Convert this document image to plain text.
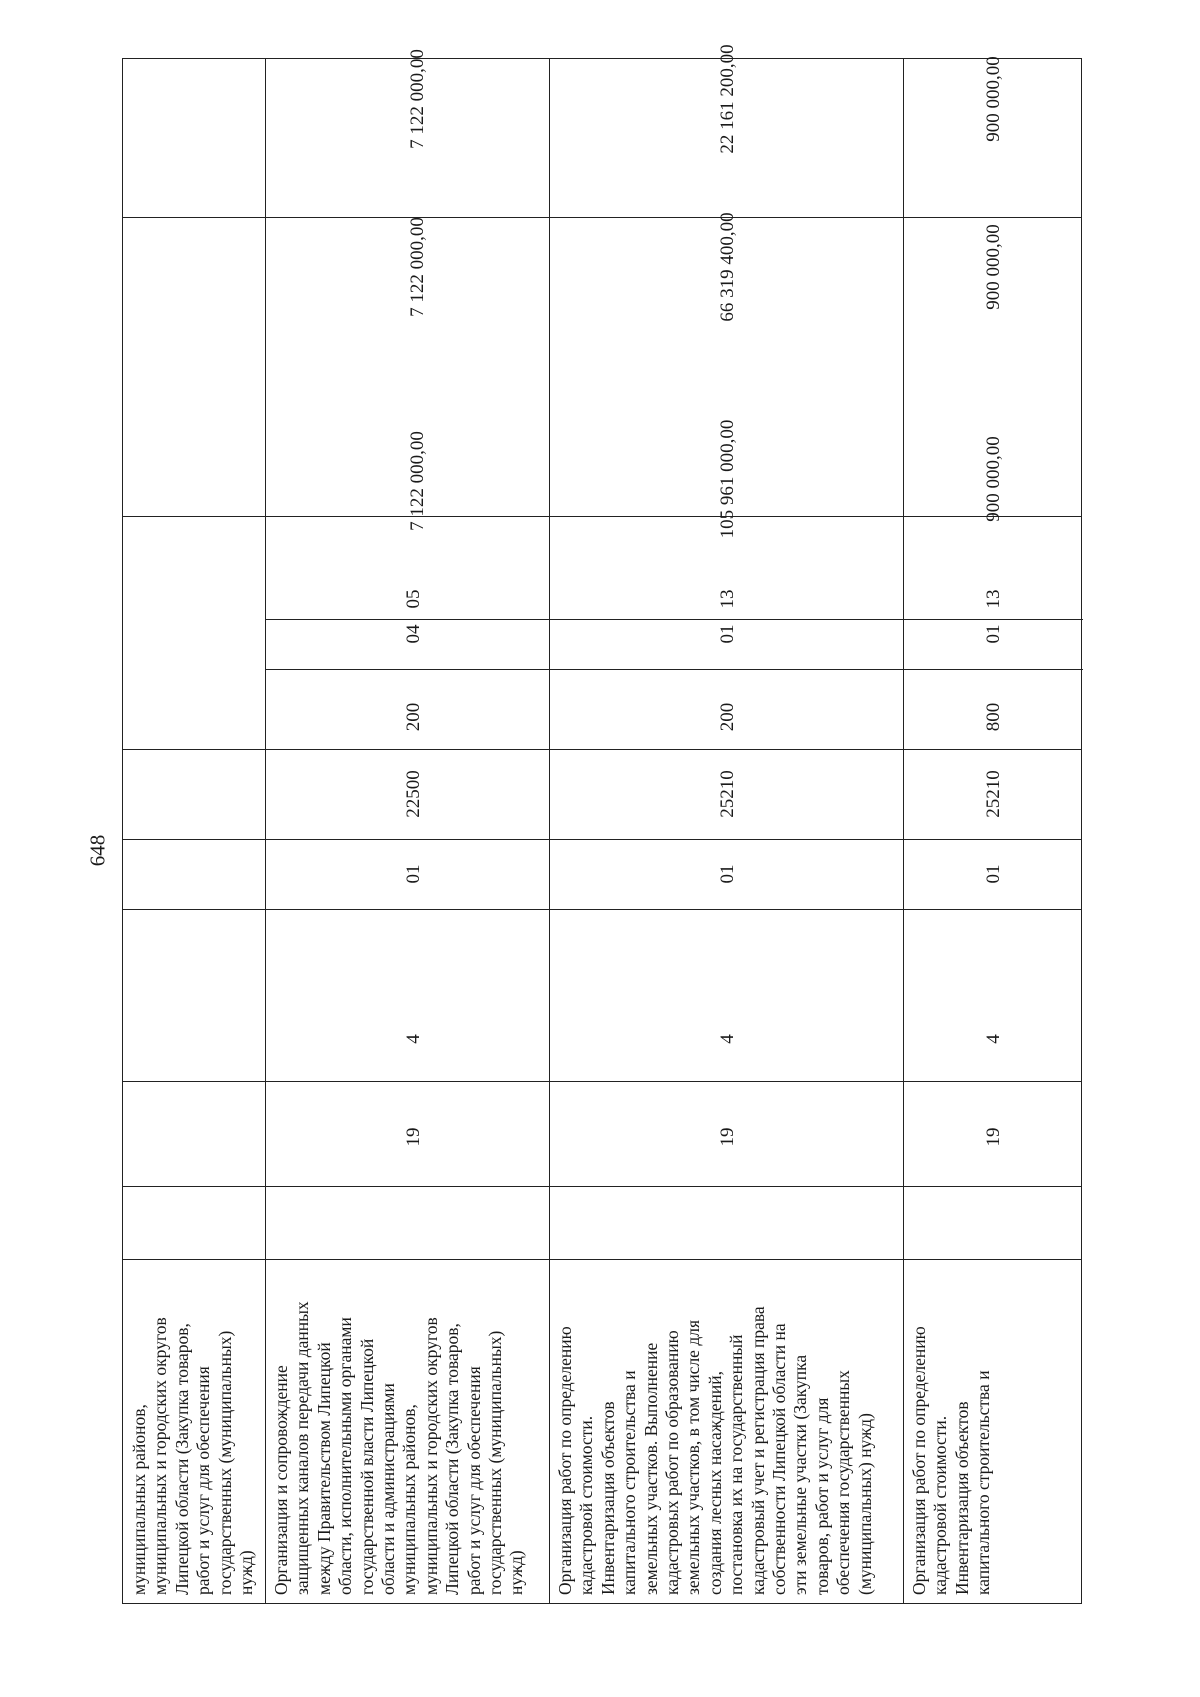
648
муниципальных районов,
муниципальных и городских округов
Липецкой области (Закупка товаров,
работ и услуг для обеспечения
государственных (муниципальных)
нужд) Организация и сопровождение
защищенных каналов передачи данных
между Правительством Липецкой
области, исполнительными органами
государственной власти Липецкой
области и администрациями
муниципальных районов,
муниципальных и городских округов
Липецкой области (Закупка товаров,
работ и услуг для обеспечения
государственных (муниципальных)
нужд)
19
4
01
22500
200
04
05
7 122 000,00
7 122 000,00
7 122 000,00
Организация работ по определению
кадастровой стоимости.
Инвентаризация объектов
капитального строительства и
земельных участков. Выполнение
кадастровых работ по образованию
земельных участков, в том числе для
создания лесных насаждений,
постановка их на государственный
кадастровый учет и регистрация права
собственности Липецкой области на
эти земельные участки (Закупка
товаров, работ и услуг для
обеспечения государственных
(муниципальных) нужд)
19
4
01
25210
200
01
13
105 961 000,00
66 319 400,00
22 161 200,00
Организация работ по определению
кадастровой стоимости.
Инвентаризация объектов
капитального строительства и
19
4
01
25210
800
01
13
900 000,00
900 000,00
900 000,00
